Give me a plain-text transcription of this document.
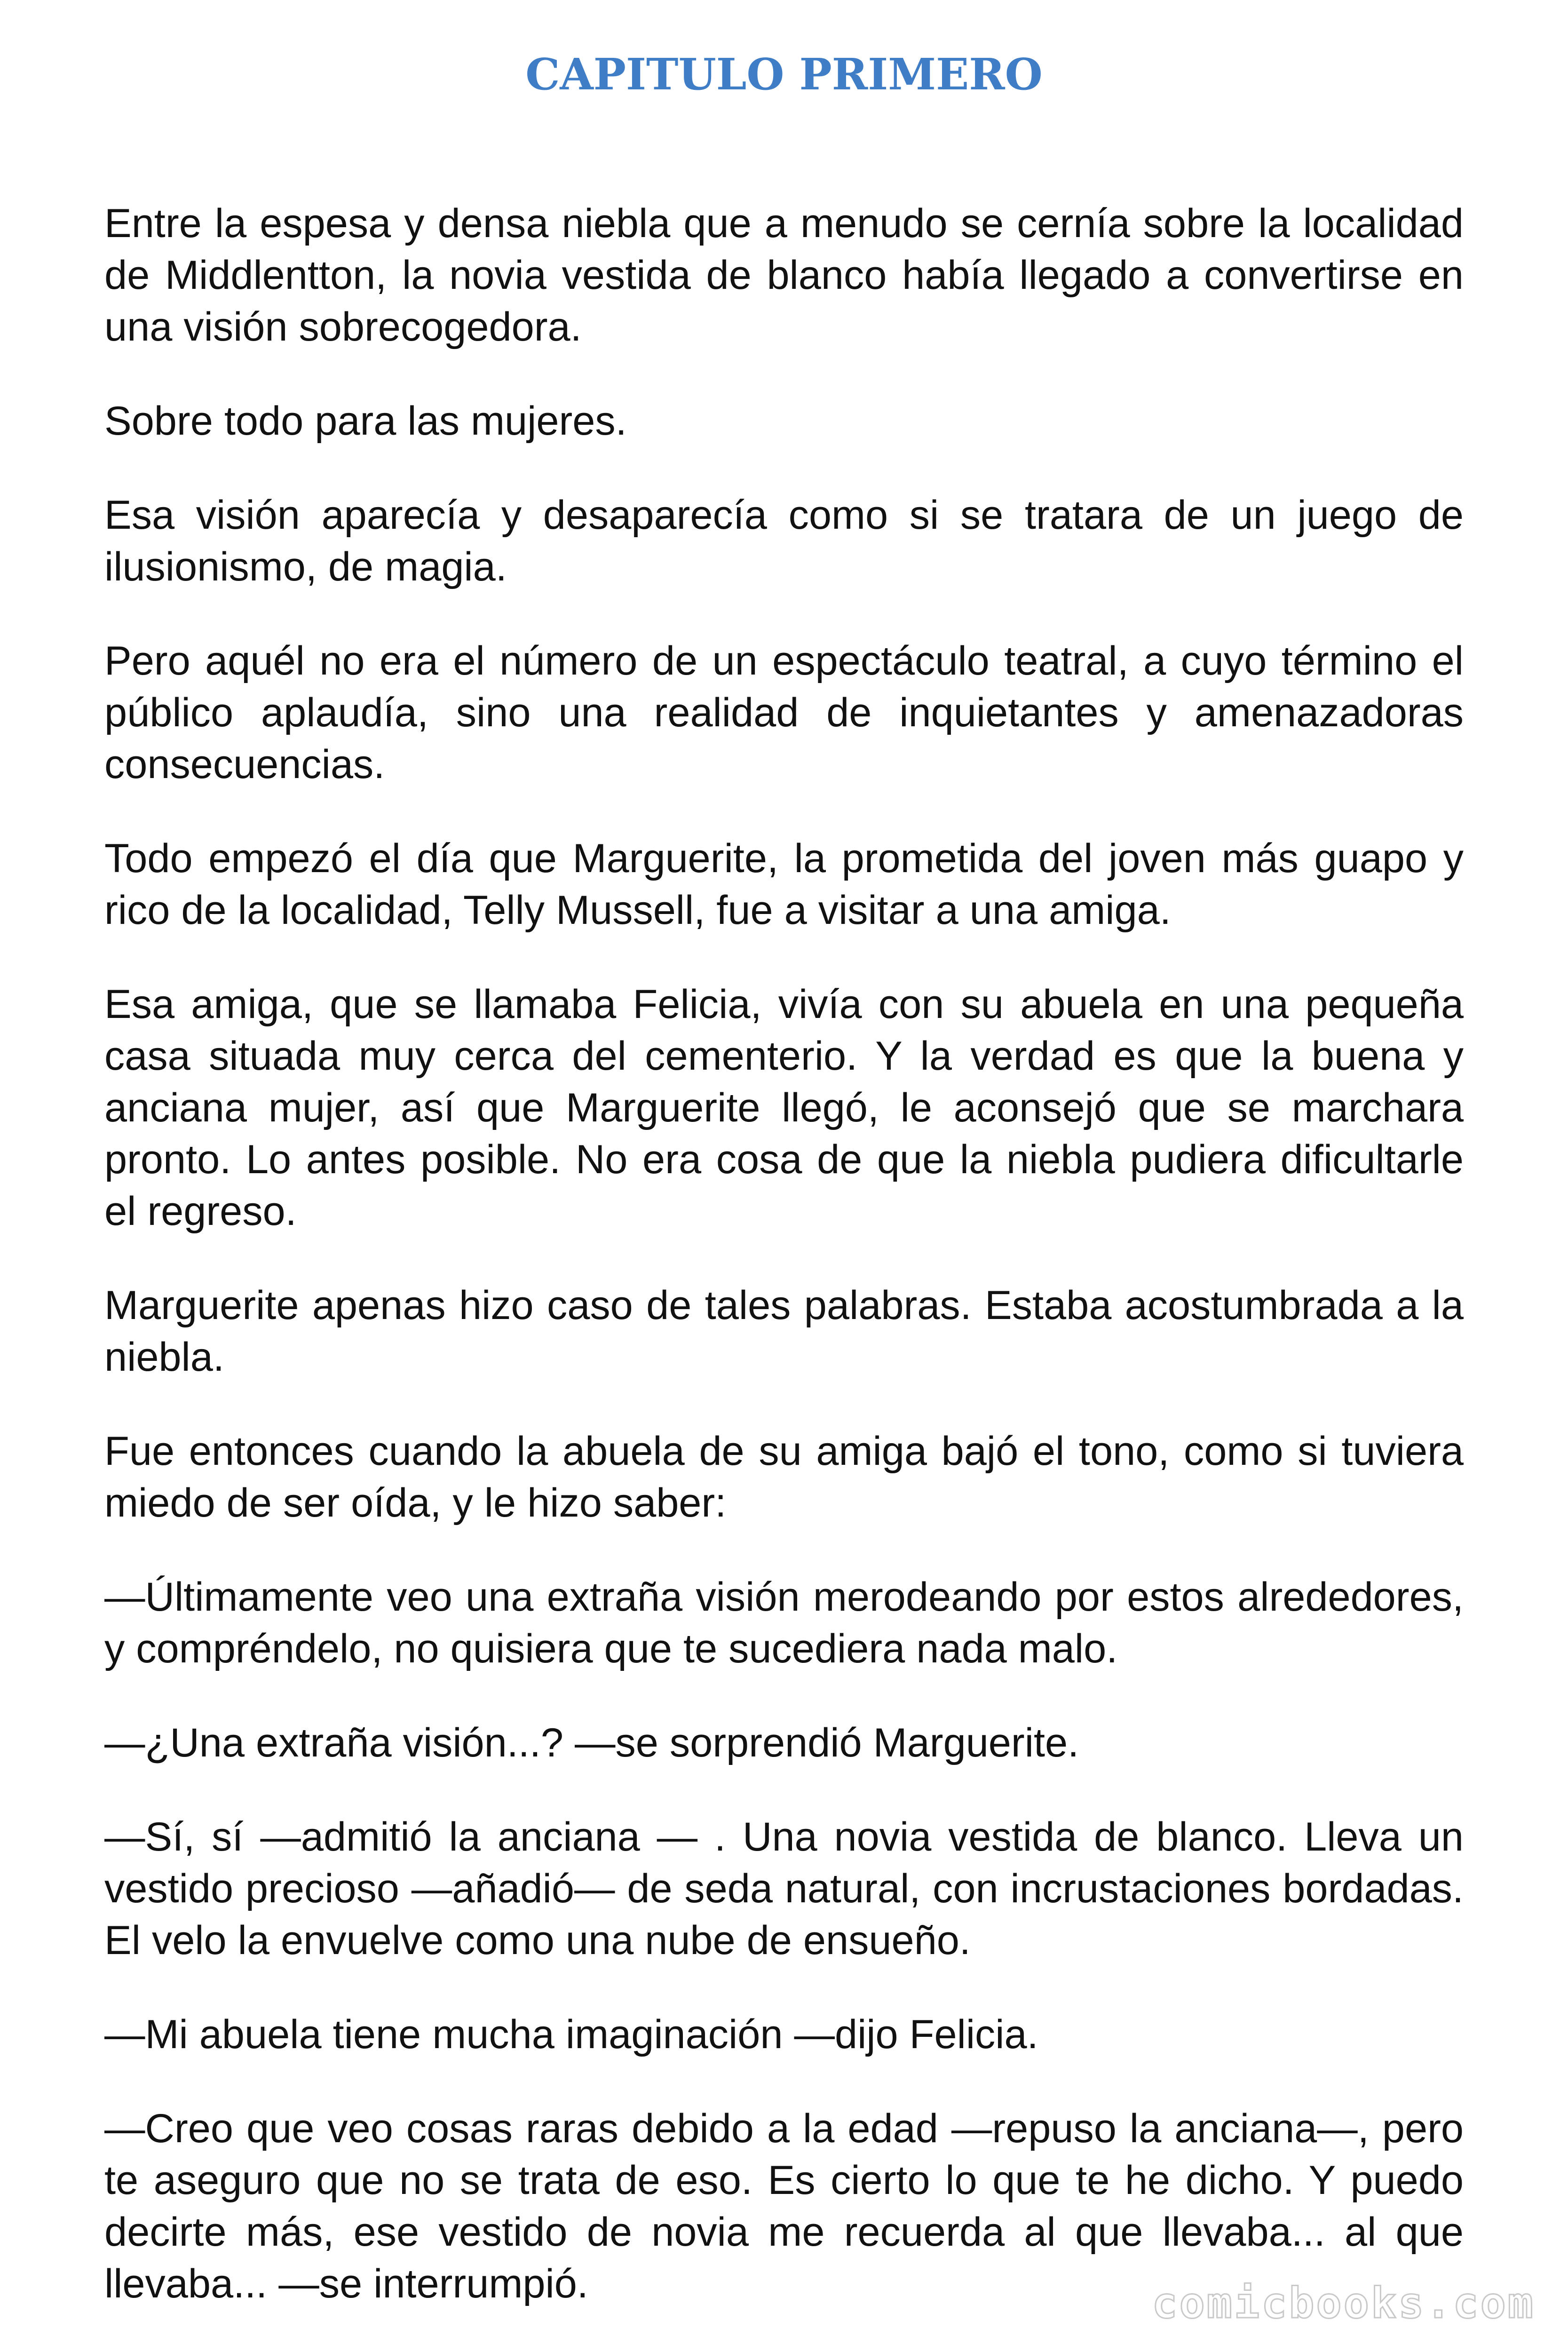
CAPITULO PRIMERO

Entre la espesa y densa niebla que a menudo se cernía sobre la localidad de Middlentton, la novia vestida de blanco había llegado a convertirse en una visión sobrecogedora.

Sobre todo para las mujeres.

Esa visión aparecía y desaparecía como si se tratara de un juego de ilusionismo, de magia.

Pero aquél no era el número de un espectáculo teatral, a cuyo término el público aplaudía, sino una realidad de inquietantes y amenazadoras consecuencias.

Todo empezó el día que Marguerite, la prometida del joven más guapo y rico de la localidad, Telly Mussell, fue a visitar a una amiga.

Esa amiga, que se llamaba Felicia, vivía con su abuela en una pequeña casa situada muy cerca del cementerio. Y la verdad es que la buena y anciana mujer, así que Marguerite llegó, le aconsejó que se marchara pronto. Lo antes posible. No era cosa de que la niebla pudiera dificultarle el regreso.

Marguerite apenas hizo caso de tales palabras. Estaba acostumbrada a la niebla.

Fue entonces cuando la abuela de su amiga bajó el tono, como si tuviera miedo de ser oída, y le hizo saber:

—Últimamente veo una extraña visión merodeando por estos alrededores, y compréndelo, no quisiera que te sucediera nada malo.

—¿Una extraña visión...? —se sorprendió Marguerite.

—Sí, sí —admitió la anciana — . Una novia vestida de blanco. Lleva un vestido precioso —añadió— de seda natural, con incrustaciones bordadas. El velo la envuelve como una nube de ensueño.

—Mi abuela tiene mucha imaginación —dijo Felicia.

—Creo que veo cosas raras debido a la edad —repuso la anciana—, pero te aseguro que no se trata de eso. Es cierto lo que te he dicho. Y puedo decirte más, ese vestido de novia me recuerda al que llevaba... al que llevaba... —se interrumpió.	comicbooks.com
